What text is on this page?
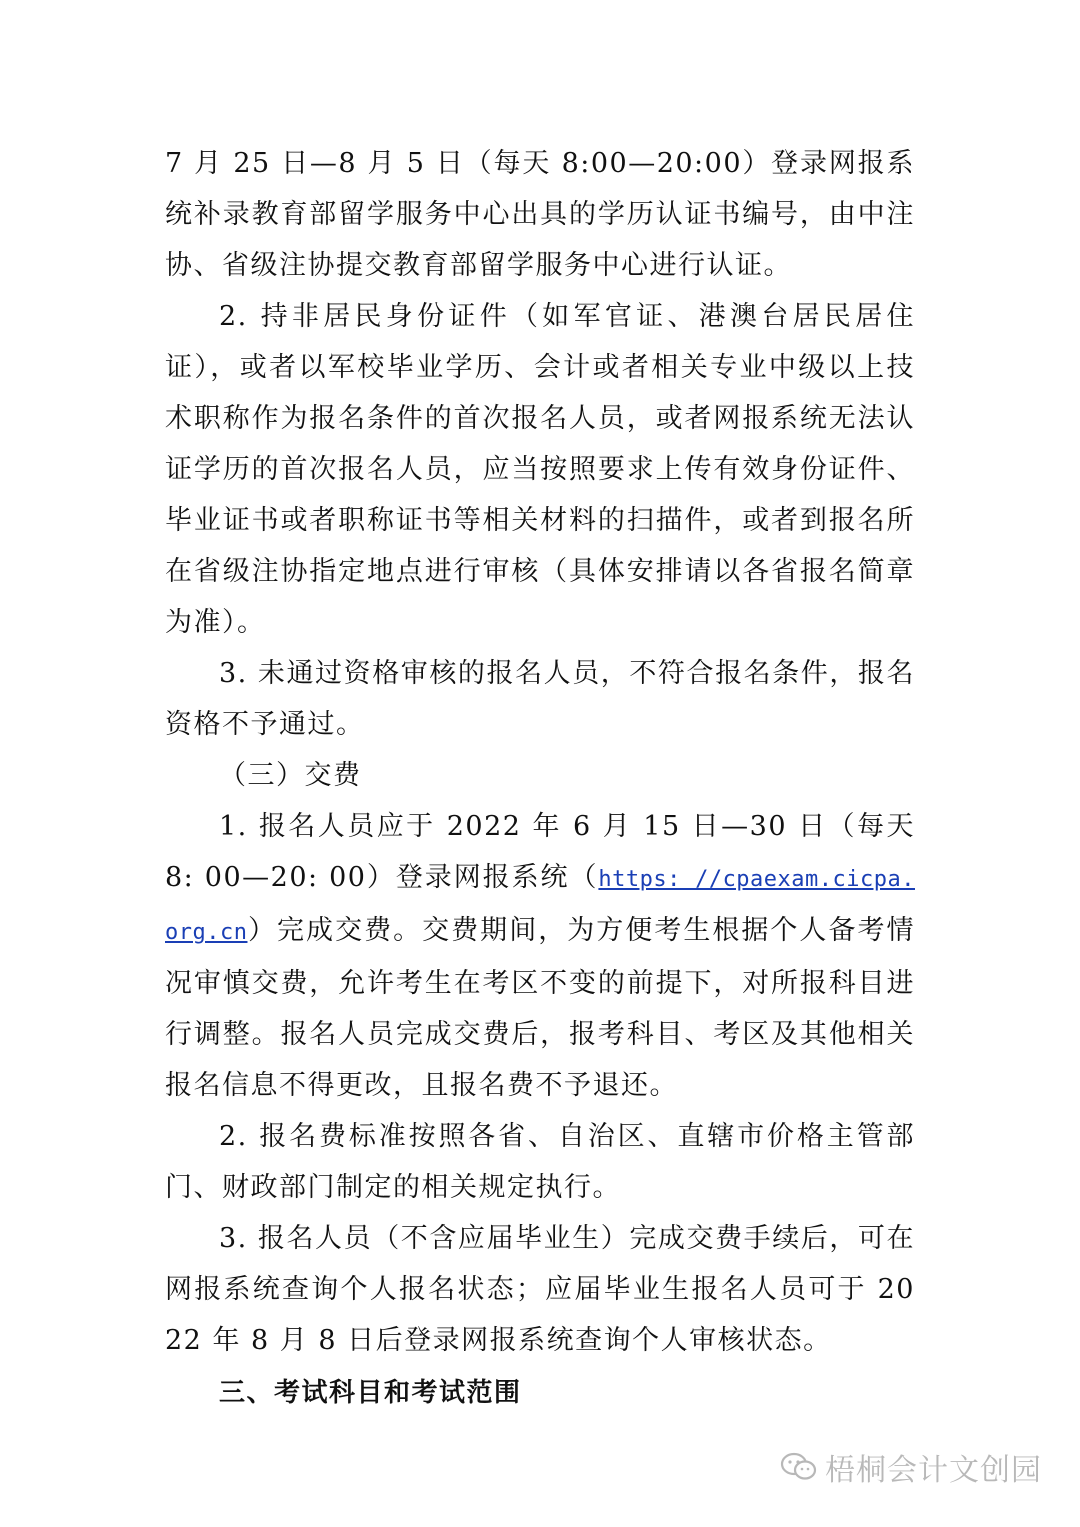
7 月 25 日—8 月 5 日（每天 8:00—20:00）登录网报系统补录教育部留学服务中心出具的学历认证书编号，由中注协、省级注协提交教育部留学服务中心进行认证。

2. 持非居民身份证件（如军官证、港澳台居民居住证），或者以军校毕业学历、会计或者相关专业中级以上技术职称作为报名条件的首次报名人员，或者网报系统无法认证学历的首次报名人员，应当按照要求上传有效身份证件、毕业证书或者职称证书等相关材料的扫描件，或者到报名所在省级注协指定地点进行审核（具体安排请以各省报名简章为准）。

3. 未通过资格审核的报名人员，不符合报名条件，报名资格不予通过。

（三）交费

1. 报名人员应于 2022 年 6 月 15 日—30 日（每天 8: 00—20: 00）登录网报系统（https: //cpaexam.cicpa.org.cn）完成交费。交费期间，为方便考生根据个人备考情况审慎交费，允许考生在考区不变的前提下，对所报科目进行调整。报名人员完成交费后，报考科目、考区及其他相关报名信息不得更改，且报名费不予退还。

2. 报名费标准按照各省、自治区、直辖市价格主管部门、财政部门制定的相关规定执行。

3. 报名人员（不含应届毕业生）完成交费手续后，可在网报系统查询个人报名状态；应届毕业生报名人员可于 2022 年 8 月 8 日后登录网报系统查询个人审核状态。

三、考试科目和考试范围

梧桐会计文创园
